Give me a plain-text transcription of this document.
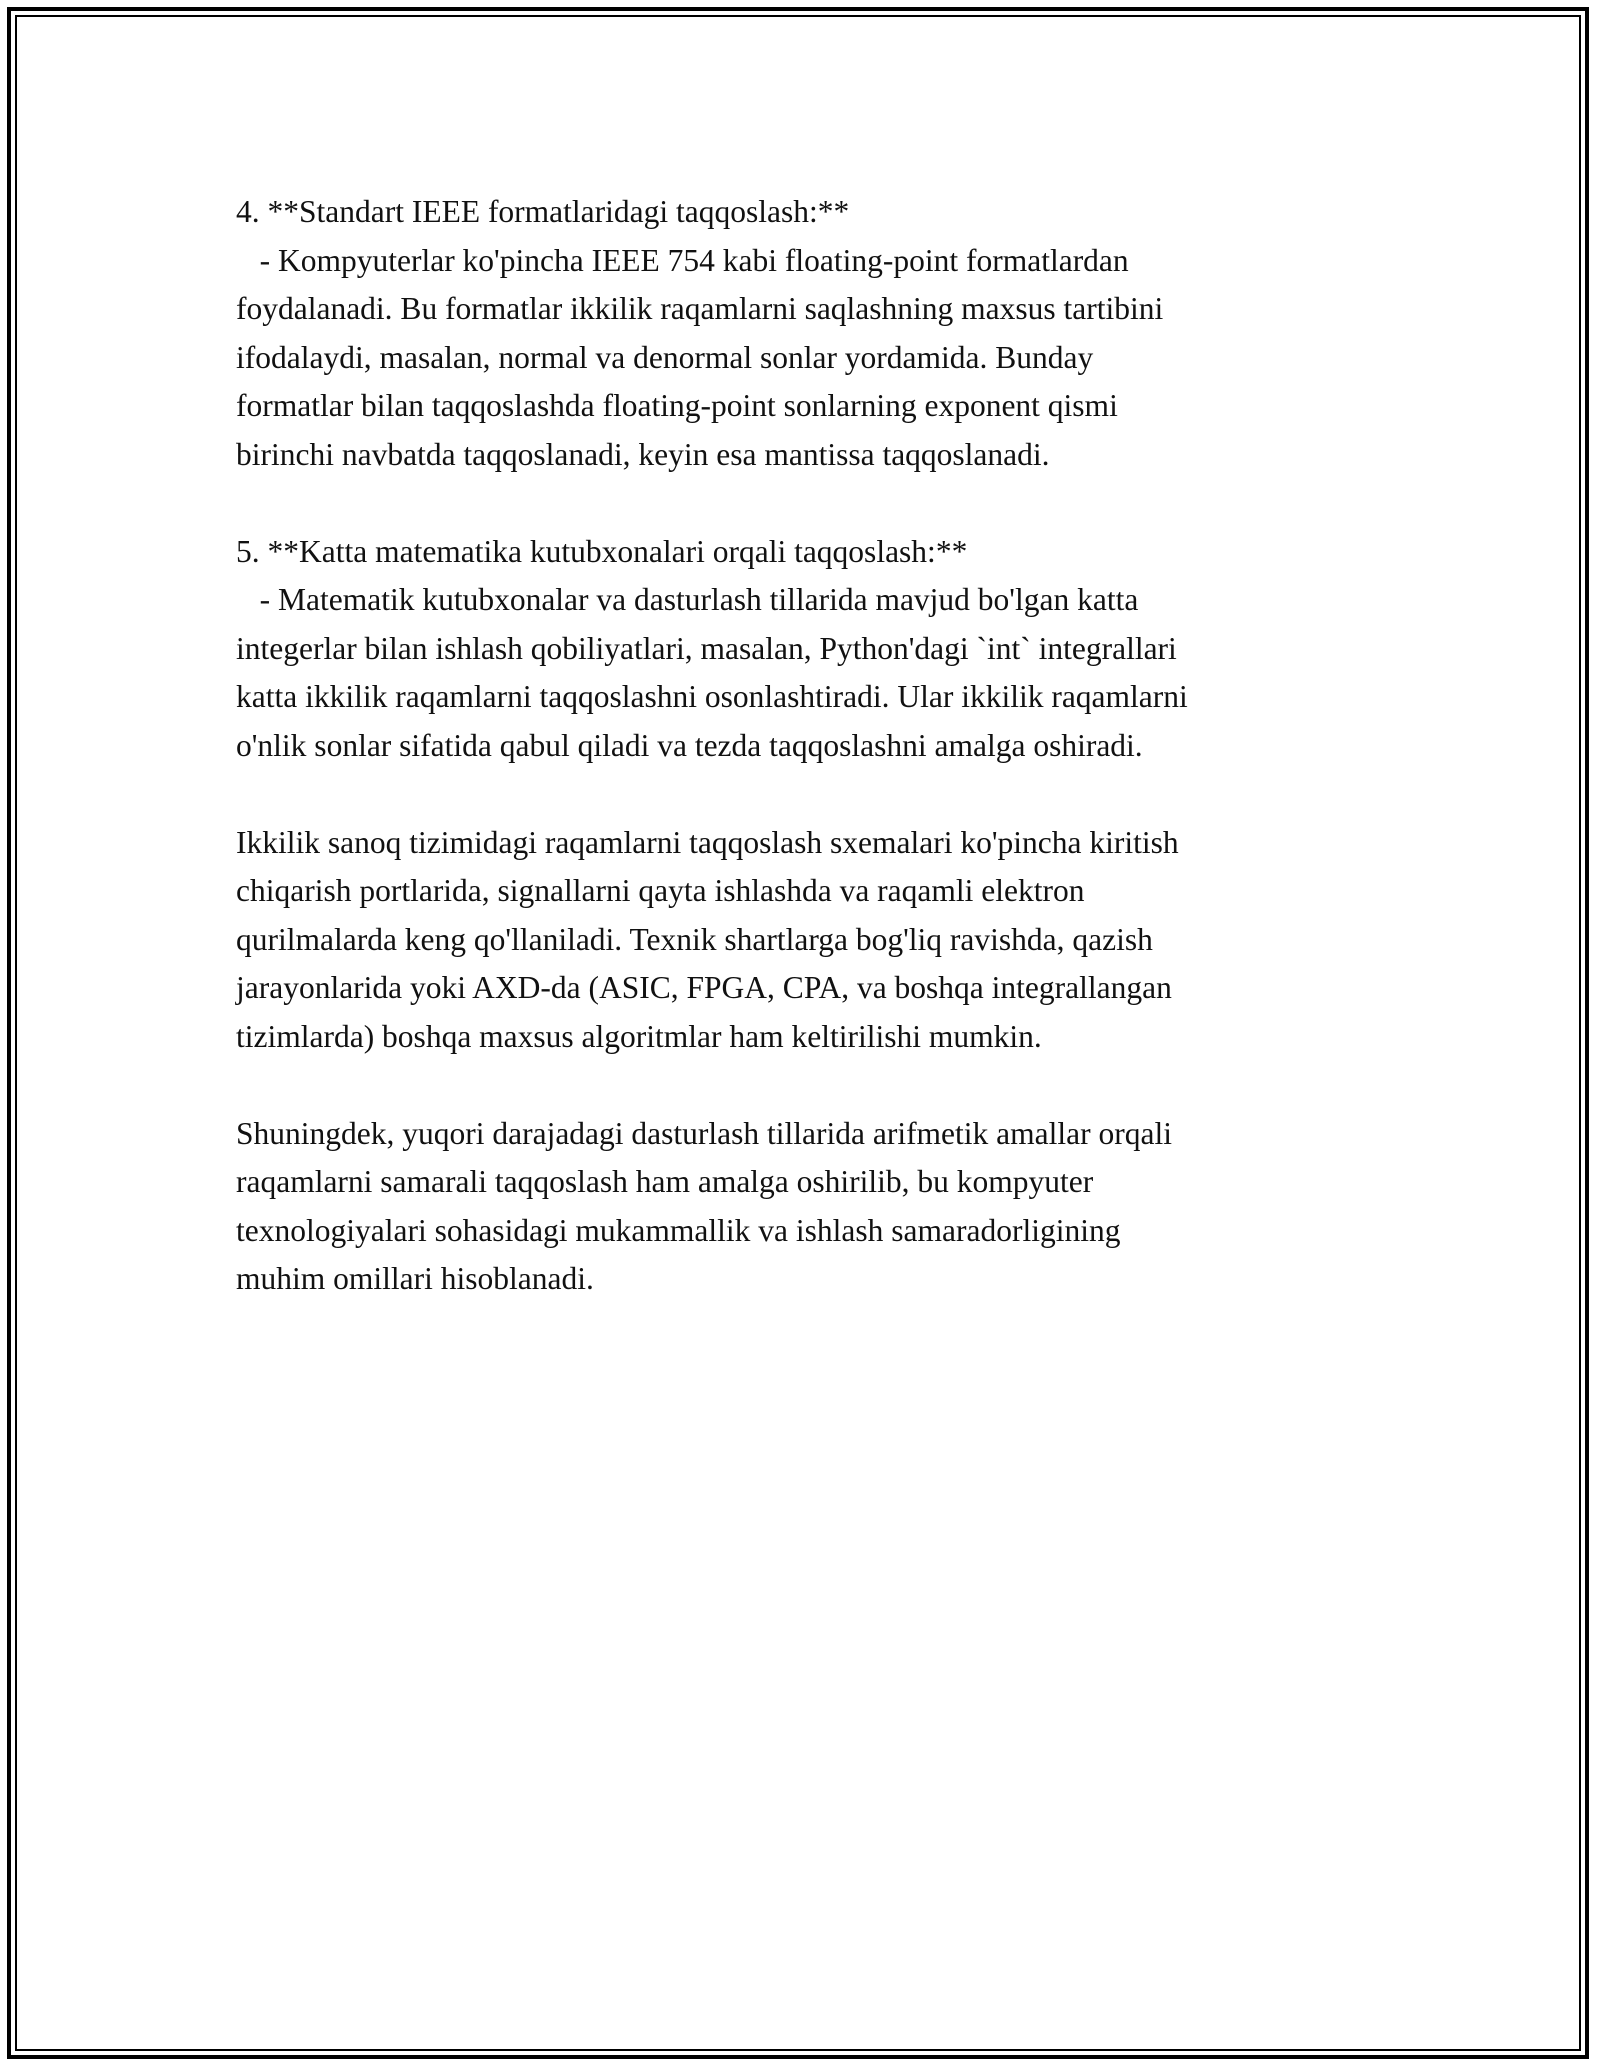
4. **Standart IEEE formatlaridagi taqqoslash:**
- Kompyuterlar ko'pincha IEEE 754 kabi floating-point formatlardan
foydalanadi. Bu formatlar ikkilik raqamlarni saqlashning maxsus tartibini
ifodalaydi, masalan, normal va denormal sonlar yordamida. Bunday
formatlar bilan taqqoslashda floating-point sonlarning exponent qismi
birinchi navbatda taqqoslanadi, keyin esa mantissa taqqoslanadi.
5. **Katta matematika kutubxonalari orqali taqqoslash:**
- Matematik kutubxonalar va dasturlash tillarida mavjud bo'lgan katta
integerlar bilan ishlash qobiliyatlari, masalan, Python'dagi `int` integrallari
katta ikkilik raqamlarni taqqoslashni osonlashtiradi. Ular ikkilik raqamlarni
o'nlik sonlar sifatida qabul qiladi va tezda taqqoslashni amalga oshiradi.
Ikkilik sanoq tizimidagi raqamlarni taqqoslash sxemalari ko'pincha kiritish
chiqarish portlarida, signallarni qayta ishlashda va raqamli elektron
qurilmalarda keng qo'llaniladi. Texnik shartlarga bog'liq ravishda, qazish
jarayonlarida yoki AXD-da (ASIC, FPGA, CPA, va boshqa integrallangan
tizimlarda) boshqa maxsus algoritmlar ham keltirilishi mumkin.
Shuningdek, yuqori darajadagi dasturlash tillarida arifmetik amallar orqali
raqamlarni samarali taqqoslash ham amalga oshirilib, bu kompyuter
texnologiyalari sohasidagi mukammallik va ishlash samaradorligining
muhim omillari hisoblanadi.
